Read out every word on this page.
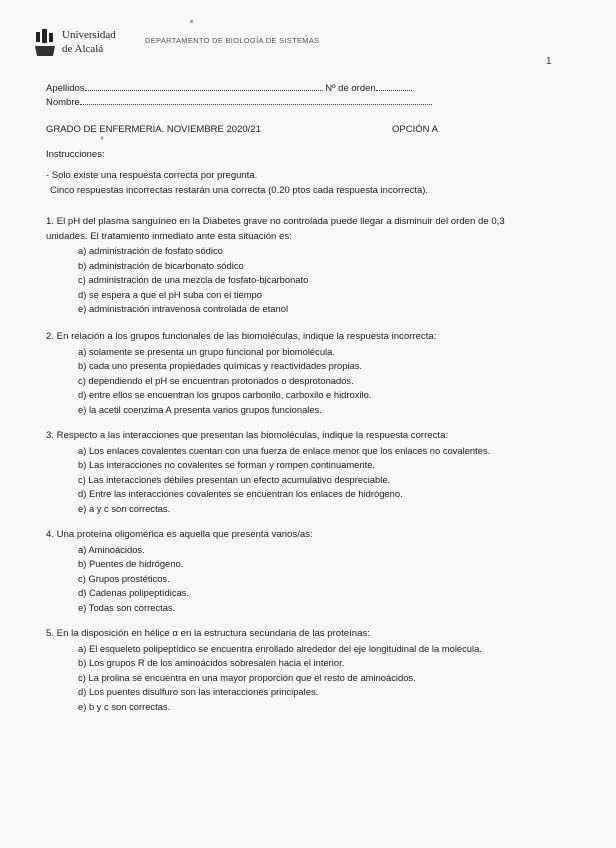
Universidad
de Alcalá
DEPARTAMENTO DE BIOLOGÍA DE SISTEMAS
1
Apellidos	Nº de orden
Nombre
GRADO DE ENFERMERIA. NOVIEMBRE 2020/21	OPCIÓN A
Instrucciones:
- Solo existe una respuesta correcta por pregunta.
Cinco respuestas incorrectas restarán una correcta (0.20 ptos cada respuesta incorrecta).

1. El pH del plasma sanguíneo en la Diabetes grave no controlada puede llegar a disminuir del orden de 0,3 unidades. El tratamiento inmediato ante esta situación es:

a) administración de fosfato sódico
b) administración de bicarbonato sódico
c) administración de una mezcla de fosfato-bicarbonato
d) se espera a que el pH suba con el tiempo
e) administración intravenosa controlada de etanol

2. En relación a los grupos funcionales de las biomoléculas, indique la respuesta incorrecta:

a) solamente se presenta un grupo funcional por biomolécula.
b) cada uno presenta propiedades químicas y reactividades propias.
c) dependiendo el pH se encuentran protonados o desprotonados.
d) entre ellos se encuentran los grupos carbonilo, carboxilo e hidroxilo.
e) la acetil coenzima A presenta varios grupos funcionales.

3. Respecto a las interacciones que presentan las biomoléculas, indique la respuesta correcta:

a) Los enlaces covalentes cuentan con una fuerza de enlace menor que los enlaces no covalentes.
b) Las interacciones no covalentes se forman y rompen continuamente.
c) Las interacciones débiles presentan un efecto acumulativo despreciable.
d) Entre las interacciones covalentes se encuentran los enlaces de hidrógeno.
e) a y c son correctas.

4. Una proteína oligomérica es aquella que presenta varios/as:

a) Aminoácidos.
b) Puentes de hidrógeno.
c) Grupos prostéticos.
d) Cadenas polipeptídicas.
e) Todas son correctas.

5. En la disposición en hélice α en la estructura secundaria de las proteínas:

a) El esqueleto polipeptídico se encuentra enrollado alrededor del eje longitudinal de la molécula.
b) Los grupos R de los aminoácidos sobresalen hacia el interior.
c) La prolina se encuentra en una mayor proporción que el resto de aminoácidos.
d) Los puentes disulfuro son las interacciones principales.
e) b y c son correctas.
